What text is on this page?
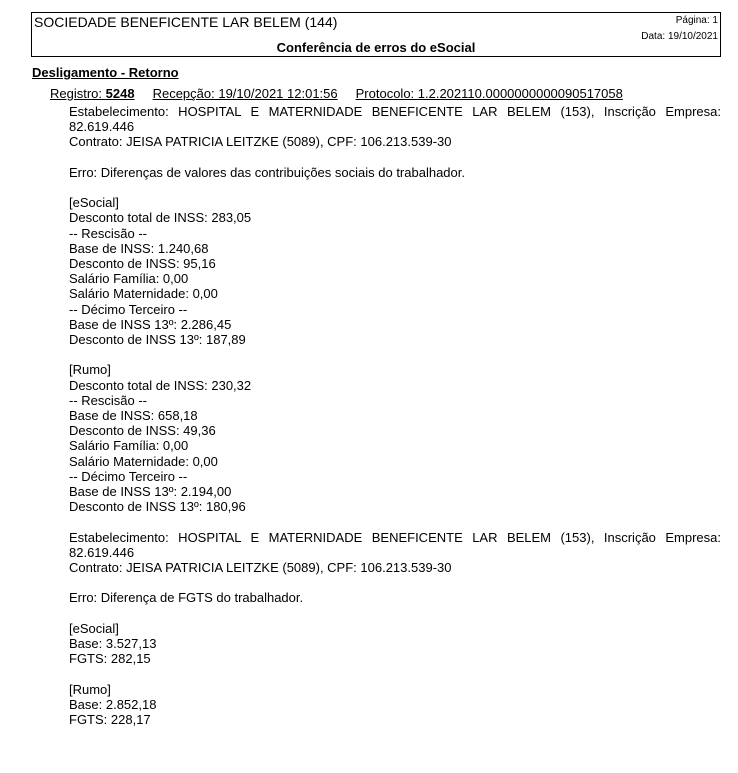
SOCIEDADE BENEFICENTE LAR BELEM (144)	Página: 1
Data: 19/10/2021
Conferência de erros do eSocial
Desligamento - Retorno
Registro: 5248 Recepção: 19/10/2021 12:01:56 Protocolo: 1.2.202110.0000000000090517058
Estabelecimento: HOSPITAL E MATERNIDADE BENEFICENTE LAR BELEM (153), Inscrição Empresa: 82.619.446
Contrato: JEISA PATRICIA LEITZKE (5089), CPF: 106.213.539-30
Erro: Diferenças de valores das contribuições sociais do trabalhador.
[eSocial]
Desconto total de INSS: 283,05
-- Rescisão --
Base de INSS: 1.240,68
Desconto de INSS: 95,16
Salário Família: 0,00
Salário Maternidade: 0,00
-- Décimo Terceiro --
Base de INSS 13º: 2.286,45
Desconto de INSS 13º: 187,89
[Rumo]
Desconto total de INSS: 230,32
-- Rescisão --
Base de INSS: 658,18
Desconto de INSS: 49,36
Salário Família: 0,00
Salário Maternidade: 0,00
-- Décimo Terceiro --
Base de INSS 13º: 2.194,00
Desconto de INSS 13º: 180,96
Estabelecimento: HOSPITAL E MATERNIDADE BENEFICENTE LAR BELEM (153), Inscrição Empresa: 82.619.446
Contrato: JEISA PATRICIA LEITZKE (5089), CPF: 106.213.539-30
Erro: Diferença de FGTS do trabalhador.
[eSocial]
Base: 3.527,13
FGTS: 282,15
[Rumo]
Base: 2.852,18
FGTS: 228,17
